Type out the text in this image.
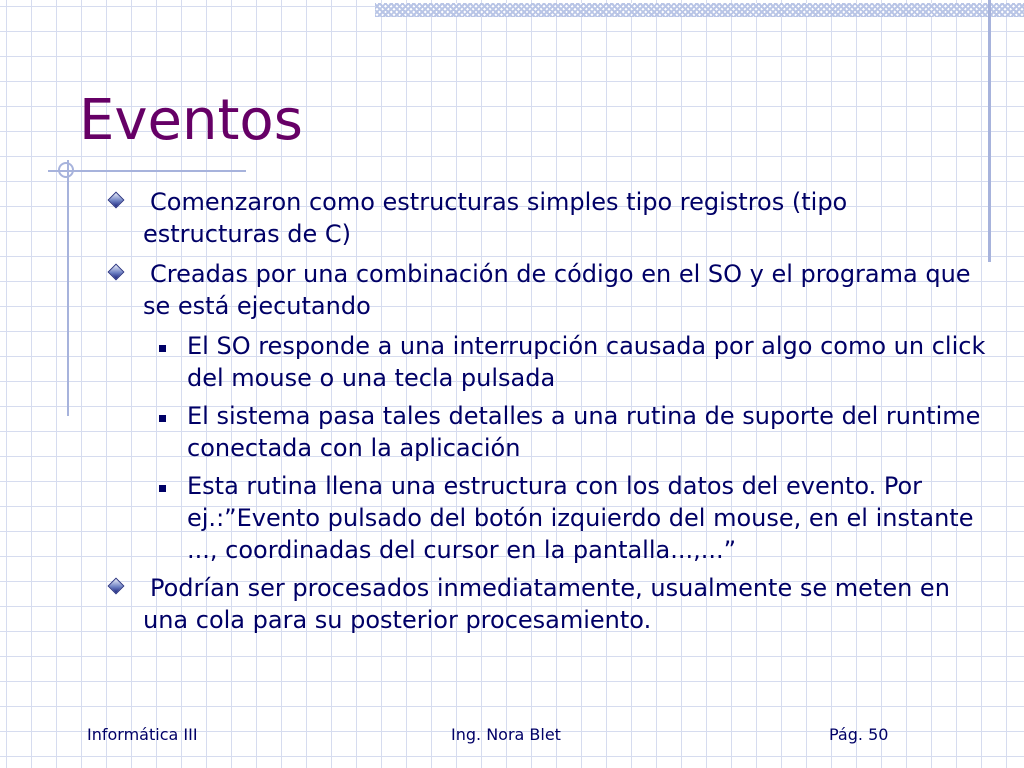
Eventos
Comenzaron como estructuras simples tipo registros (tipo estructuras de C)
Creadas por una combinación de código en el SO y el programa que se está ejecutando
El SO responde a una interrupción causada por algo como un click del mouse o una tecla pulsada
El sistema pasa tales detalles a una rutina de suporte del runtime conectada con la aplicación
Esta rutina llena una estructura con los datos del evento. Por ej.:”Evento pulsado del botón izquierdo del mouse, en el instante ..., coordinadas del cursor en la pantalla...,...”
Podrían ser procesados inmediatamente, usualmente se meten en una cola para su posterior procesamiento.

Informática III	Ing. Nora Blet	Pág. 50
